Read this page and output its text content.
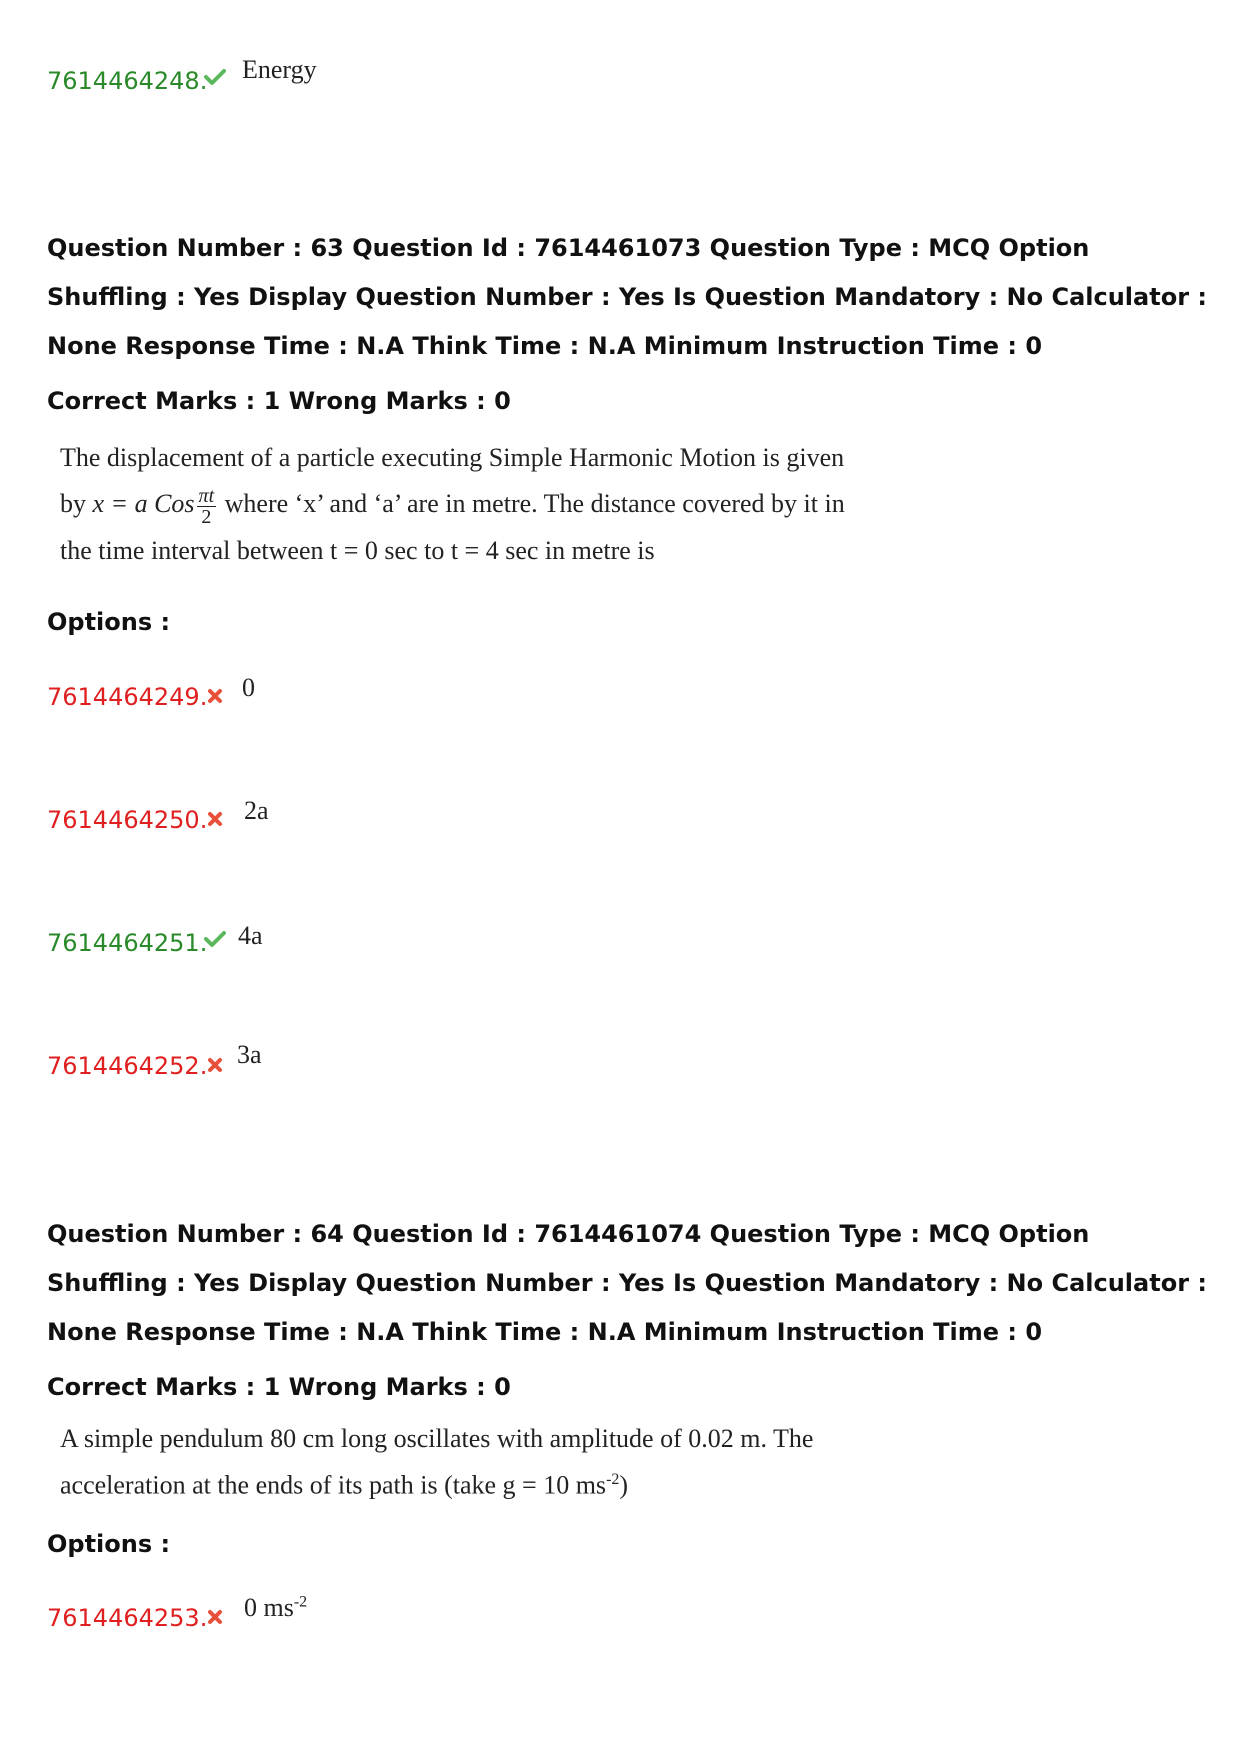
7614464248. Energy
Question Number : 63 Question Id : 7614461073 Question Type : MCQ Option Shuffling : Yes Display Question Number : Yes Is Question Mandatory : No Calculator : None Response Time : N.A Think Time : N.A Minimum Instruction Time : 0
Correct Marks : 1 Wrong Marks : 0
The displacement of a particle executing Simple Harmonic Motion is given
by x = a Cos $\frac{\pi t}{2}$ where ‘x’ and ‘a’ are in metre. The distance covered by it in
the time interval between t = 0 sec to t = 4 sec in metre is
Options :
7614464249. 0
7614464250. 2a
7614464251. 4a
7614464252. 3a
Question Number : 64 Question Id : 7614461074 Question Type : MCQ Option Shuffling : Yes Display Question Number : Yes Is Question Mandatory : No Calculator : None Response Time : N.A Think Time : N.A Minimum Instruction Time : 0
Correct Marks : 1 Wrong Marks : 0
A simple pendulum 80 cm long oscillates with amplitude of 0.02 m. The
acceleration at the ends of its path is (take g = 10 $ms^{-2}$)
Options :
7614464253. 0 $ms^{-2}$
